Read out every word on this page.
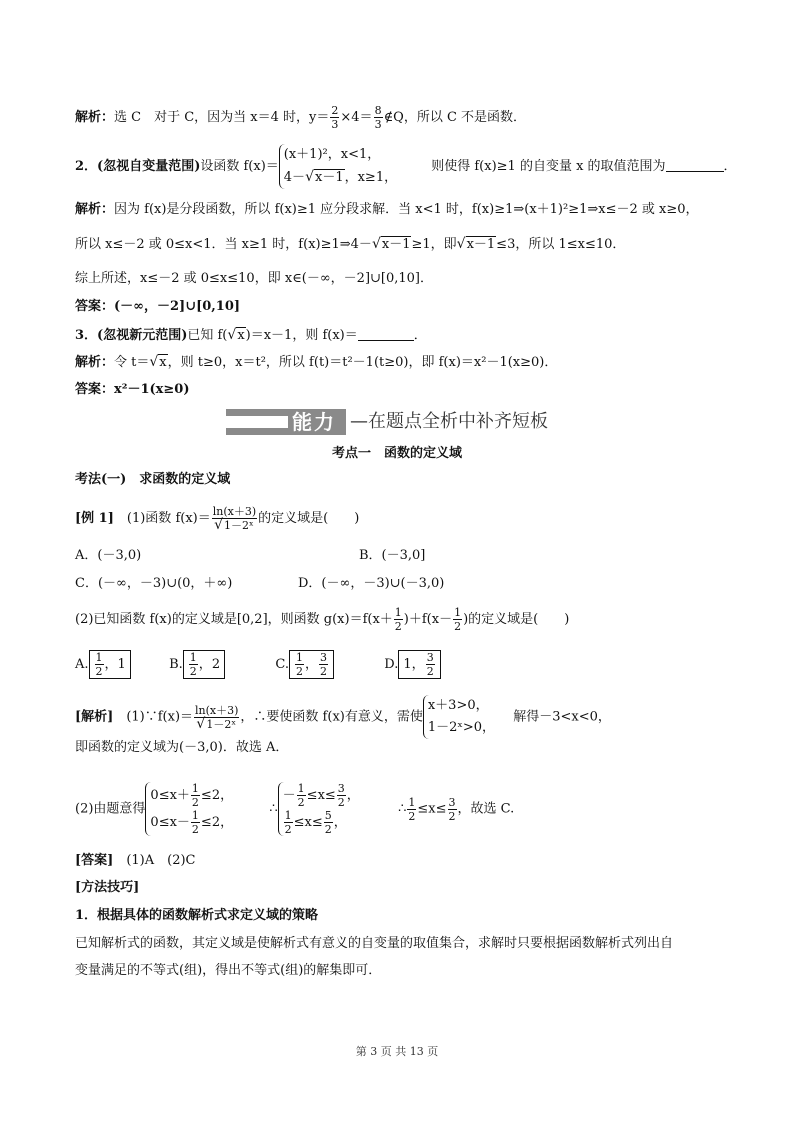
解析：选 C　对于 C，因为当 x＝4 时，$y= \frac{2}{3} \times 4= \frac{8}{3}$ ∉Q，所以 C 不是函数．
2．(忽视自变量范围)设函数 f(x)＝
(x＋1)²，x<1，
4－√x－1，x≥1，
则使得 f(x)≥1 的自变量 x 的取值范围为	．
解析：因为 f(x)是分段函数，所以 f(x)≥1 应分段求解．当 x<1 时，f(x)≥1⇒(x＋1)²≥1⇒x≤－2 或 x≥0，
所以 x≤－2 或 0≤x<1．当 x≥1 时，f(x)≥1⇒4－√x－1≥1，即√x－1≤3，所以 1≤x≤10．
综上所述，x≤－2 或 0≤x≤10，即 x∈(－∞，－2]∪[0,10]．
答案：(－∞，－2]∪[0,10]
3．(忽视新元范围)已知 f(√x)＝x－1，则 f(x)＝	．
解析：令 t＝√x，则 t≥0，x＝t²，所以 f(t)＝t²－1(t≥0)，即 f(x)＝x²－1(x≥0)．
答案：x²－1(x≥0)
能力 —在题点全析中补齐短板
考点一　函数的定义域
考法(一)　求函数的定义域
[例 1]　 (1)函数 $f(x)= \frac{\ln(x+3)}{\text{√1－2ˣ}}$ 的定义域是(　　)
A．(－3,0)	B．(－3,0]
C．(－∞，－3)∪(0，＋∞)	D．(－∞，－3)∪(－3,0)
(2)已知函数 f(x)的定义域是[0,2]，则函数 $g(x)=f(x+ \frac{1}{2} )+f(x- \frac{1}{2}$ )的定义域是(　　)
A. $\frac{1}{2}$ ，1	B. $\frac{1}{2}$ ，2	C. $\frac{1}{2}$ ， $\frac{3}{2}$	D. 1， $\frac{3}{2}$
[解析]　 (1)∵f(x)＝ $\frac{\ln(x+3)}{\text{√1－2ˣ}}$ ，∴要使函数 f(x)有意义，需使
x＋3>0，
1－2ˣ>0，
解得－3<x<0，
即函数的定义域为(－3,0)．故选 A．
(2)由题意得
$0\le x+ \frac{1}{2} \le 2$，
$0\le x- \frac{1}{2} \le 2$，
∴
－ $\frac{1}{2} \le x\le \frac{3}{2}$ ，
$\frac{1}{2} \le x\le \frac{5}{2}$ ，
∴ $\frac{1}{2} \le x\le \frac{3}{2}$ ，故选 C.
[答案]　 (1)A　(2)C
[方法技巧]
1．根据具体的函数解析式求定义域的策略
已知解析式的函数，其定义域是使解析式有意义的自变量的取值集合，求解时只要根据函数解析式列出自
变量满足的不等式(组)，得出不等式(组)的解集即可．
第 3 页 共 13 页
